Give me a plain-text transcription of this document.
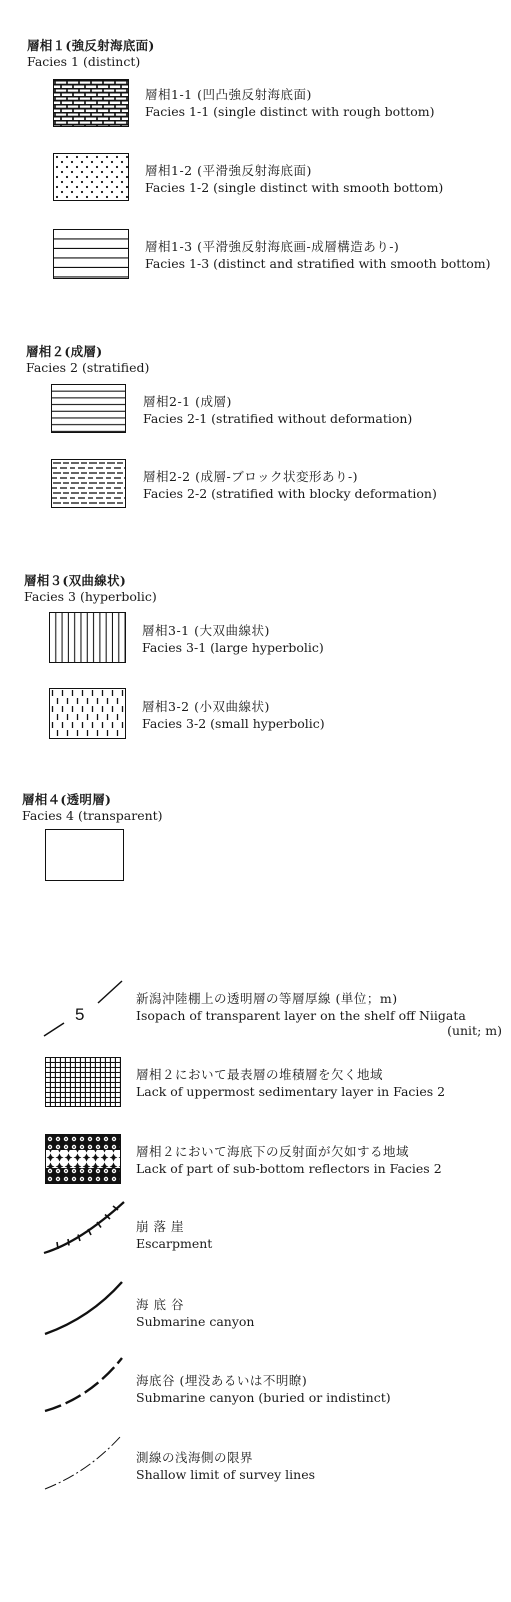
層相１(強反射海底面)
Facies 1 (distinct)
層相1-1 (凹凸強反射海底面)
Facies 1-1 (single distinct with rough bottom)
層相1-2 (平滑強反射海底面)
Facies 1-2 (single distinct with smooth bottom)
層相1-3 (平滑強反射海底画-成層構造あり-)
Facies 1-3 (distinct and stratified with smooth bottom)
層相２(成層)
Facies 2 (stratified)
層相2-1 (成層)
Facies 2-1 (stratified without deformation)
層相2-2 (成層-ブロック状変形あり-)
Facies 2-2 (stratified with blocky deformation)
層相３(双曲線状)
Facies 3 (hyperbolic)
層相3-1 (大双曲線状)
Facies 3-1 (large hyperbolic)
層相3-2 (小双曲線状)
Facies 3-2 (small hyperbolic)
層相４(透明層)
Facies 4 (transparent)
5
新潟沖陸棚上の透明層の等層厚線 (単位；m)
Isopach of transparent layer on the shelf off Niigata
(unit; m)
層相２において最表層の堆積層を欠く地域
Lack of uppermost sedimentary layer in Facies 2
層相２において海底下の反射面が欠如する地域
Lack of part of sub-bottom reflectors in Facies 2
崩 落 崖
Escarpment
海 底 谷
Submarine canyon
海底谷 (埋没あるいは不明瞭)
Submarine canyon (buried or indistinct)
測線の浅海側の限界
Shallow limit of survey lines
